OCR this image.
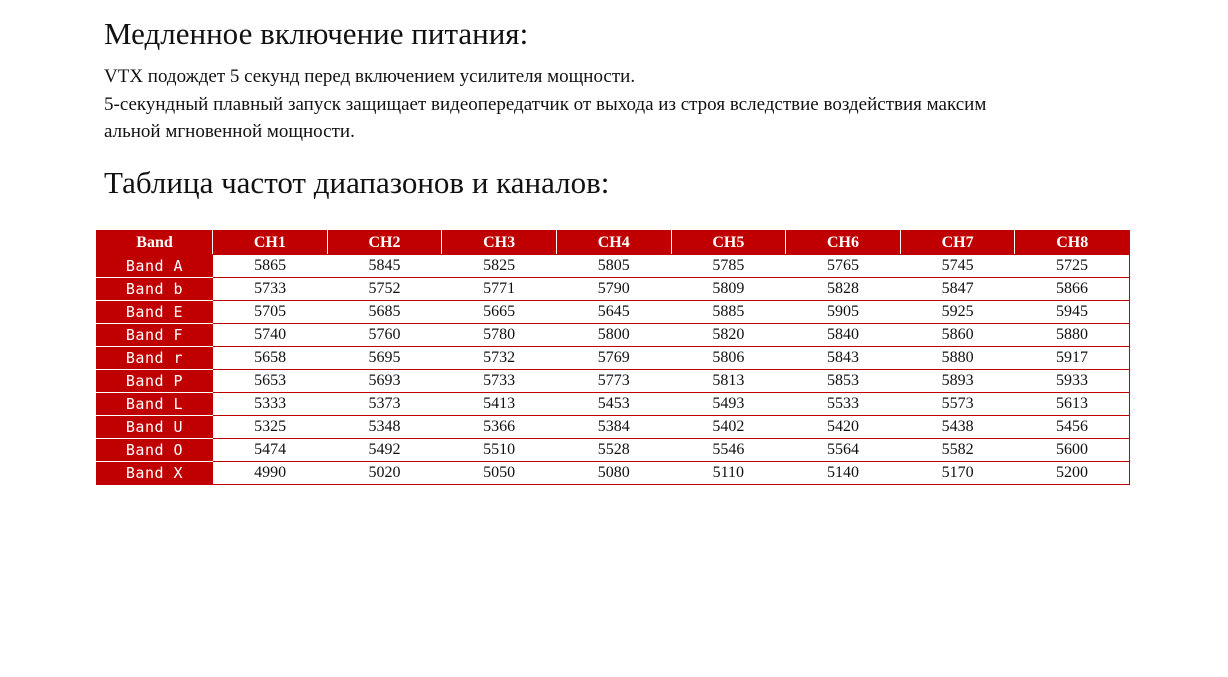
Медленное включение питания:

VTX подождет 5 секунд перед включением усилителя мощности.

5-секундный плавный запуск защищает видеопередатчик от выхода из строя вследствие воздействия максим

альной мгновенной мощности.

Таблица частот диапазонов и каналов:
Band	CH1	CH2	CH3	CH4	CH5	CH6	CH7	CH8
Band A	5865	5845	5825	5805	5785	5765	5745	5725
Band b	5733	5752	5771	5790	5809	5828	5847	5866
Band E	5705	5685	5665	5645	5885	5905	5925	5945
Band F	5740	5760	5780	5800	5820	5840	5860	5880
Band r	5658	5695	5732	5769	5806	5843	5880	5917
Band P	5653	5693	5733	5773	5813	5853	5893	5933
Band L	5333	5373	5413	5453	5493	5533	5573	5613
Band U	5325	5348	5366	5384	5402	5420	5438	5456
Band O	5474	5492	5510	5528	5546	5564	5582	5600
Band X	4990	5020	5050	5080	5110	5140	5170	5200
